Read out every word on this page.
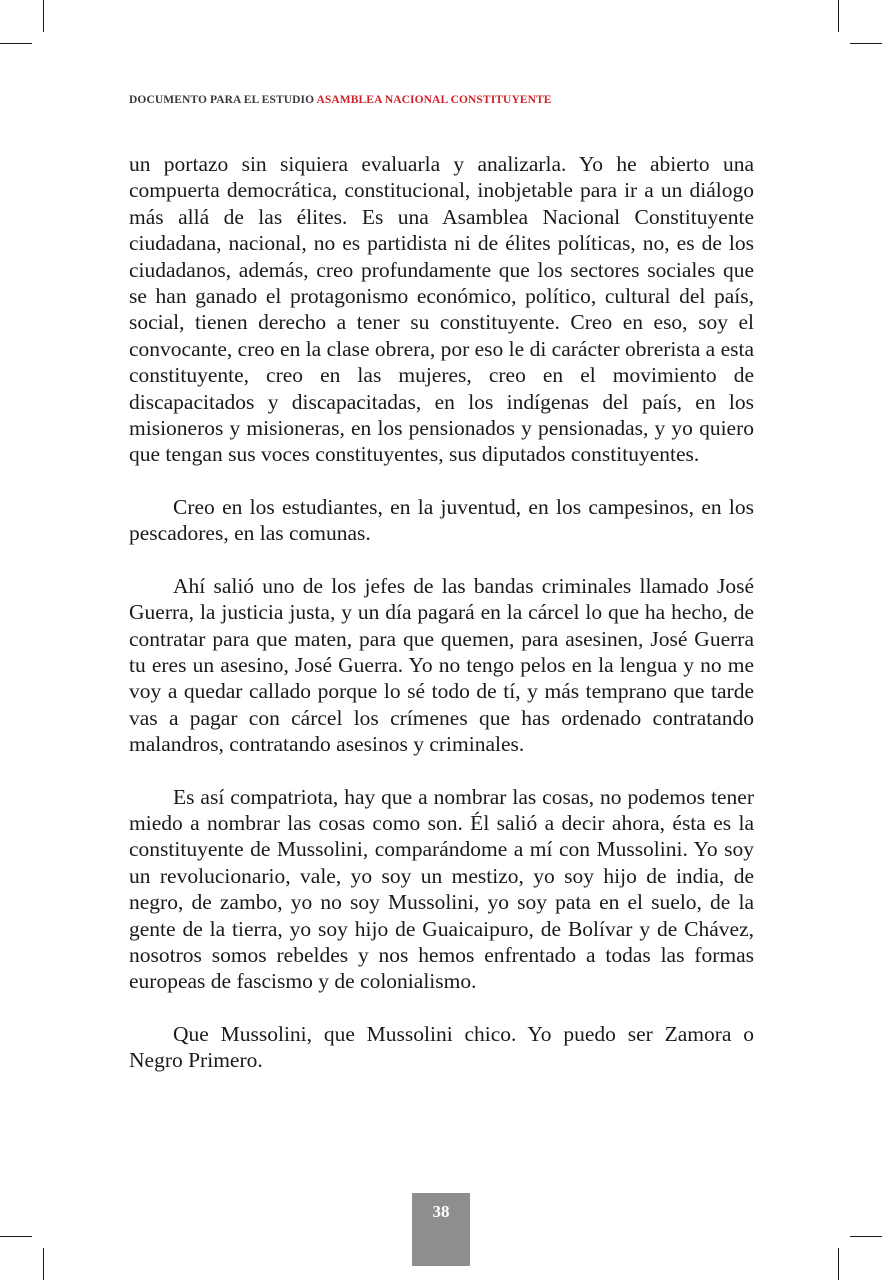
DOCUMENTO PARA EL ESTUDIO ASAMBLEA NACIONAL CONSTITUYENTE

un portazo sin siquiera evaluarla y analizarla. Yo he abierto una compuerta democrática, constitucional, inobjetable para ir a un diálogo más allá de las élites. Es una Asamblea Nacional Constituyente ciudadana, nacional, no es partidista ni de élites políticas, no, es de los ciudadanos, además, creo profundamente que los sectores sociales que se han ganado el protagonismo económico, político, cultural del país, social, tienen derecho a tener su constituyente. Creo en eso, soy el convocante, creo en la clase obrera, por eso le di carácter obrerista a esta constituyente, creo en las mujeres, creo en el movimiento de discapacitados y discapacitadas, en los indígenas del país, en los misioneros y misioneras, en los pensionados y pensionadas, y yo quiero que tengan sus voces constituyentes, sus diputados constituyentes.

Creo en los estudiantes, en la juventud, en los campesinos, en los pescadores, en las comunas.

Ahí salió uno de los jefes de las bandas criminales llamado José Guerra, la justicia justa, y un día pagará en la cárcel lo que ha hecho, de contratar para que maten, para que quemen, para asesinen, José Guerra tu eres un asesino, José Guerra. Yo no tengo pelos en la lengua y no me voy a quedar callado porque lo sé todo de tí, y más temprano que tarde vas a pagar con cárcel los crímenes que has ordenado contratando malandros, contratando asesinos y criminales.

Es así compatriota, hay que a nombrar las cosas, no podemos tener miedo a nombrar las cosas como son. Él salió a decir ahora, ésta es la constituyente de Mussolini, comparándome a mí con Mussolini. Yo soy un revolucionario, vale, yo soy un mestizo, yo soy hijo de india, de negro, de zambo, yo no soy Mussolini, yo soy pata en el suelo, de la gente de la tierra, yo soy hijo de Guaicaipuro, de Bolívar y de Chávez, nosotros somos rebeldes y nos hemos enfrentado a todas las formas europeas de fascismo y de colonialismo.

Que Mussolini, que Mussolini chico. Yo puedo ser Zamora o Negro Primero.

38
